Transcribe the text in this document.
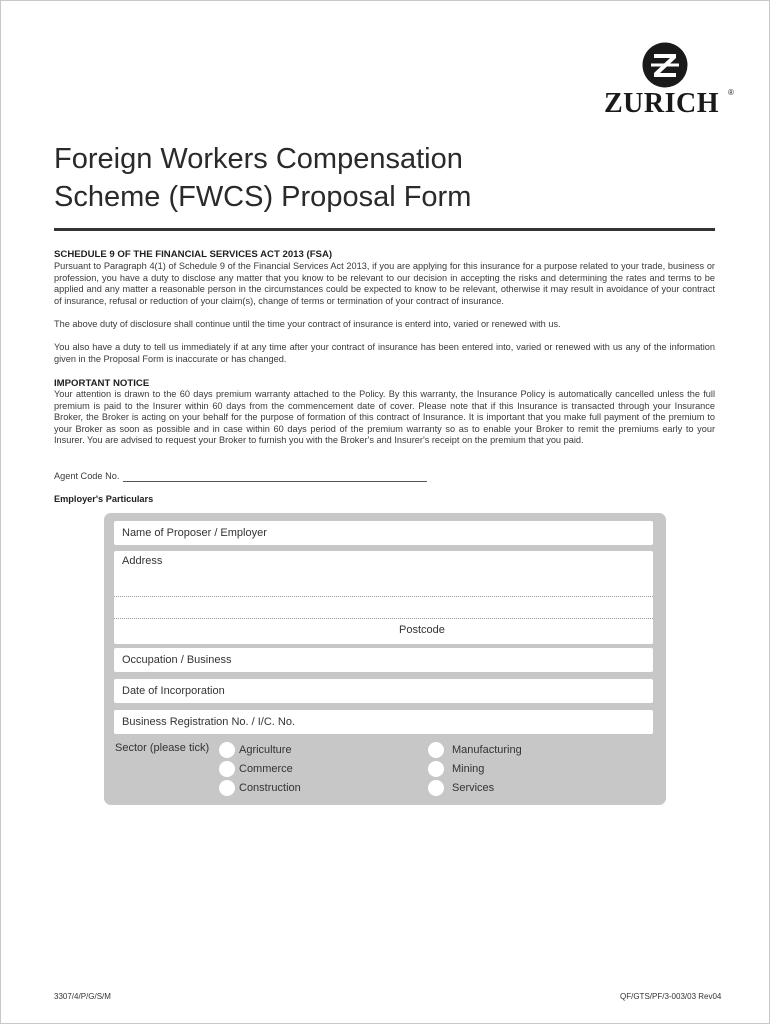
ZURICH ®
Foreign Workers Compensation
Scheme (FWCS) Proposal Form
SCHEDULE 9 OF THE FINANCIAL SERVICES ACT 2013 (FSA)
Pursuant to Paragraph 4(1) of Schedule 9 of the Financial Services Act 2013, if you are applying for this insurance for a purpose related to your trade, business or profession, you have a duty to disclose any matter that you know to be relevant to our decision in accepting the risks and determining the rates and terms to be applied and any matter a reasonable person in the circumstances could be expected to know to be relevant, otherwise it may result in avoidance of your contract of insurance, refusal or reduction of your claim(s), change of terms or termination of your contract of insurance.
The above duty of disclosure shall continue until the time your contract of insurance is enterd into, varied or renewed with us.
You also have a duty to tell us immediately if at any time after your contract of insurance has been entered into, varied or renewed with us any of the information given in the Proposal Form is inaccurate or has changed.
IMPORTANT NOTICE
Your attention is drawn to the 60 days premium warranty attached to the Policy. By this warranty, the Insurance Policy is automatically cancelled unless the full premium is paid to the Insurer within 60 days from the commencement date of cover. Please note that if this Insurance is transacted through your Insurance Broker, the Broker is acting on your behalf for the purpose of formation of this contract of Insurance. It is important that you make full payment of the premium to your Broker as soon as possible and in case within 60 days period of the premium warranty so as to enable your Broker to remit the premiums early to your Insurer. You are advised to request your Broker to furnish you with the Broker's and Insurer's receipt on the premium that you paid.
Agent Code No.
Employer's Particulars
Name of Proposer / Employer
Address
Postcode
Occupation / Business
Date of Incorporation
Business Registration No. / I/C. No.
Sector (please tick)	Agriculture
Commerce
Construction
Manufacturing
Mining
Services
3307/4/P/G/S/M	QF/GTS/PF/3-003/03 Rev04
